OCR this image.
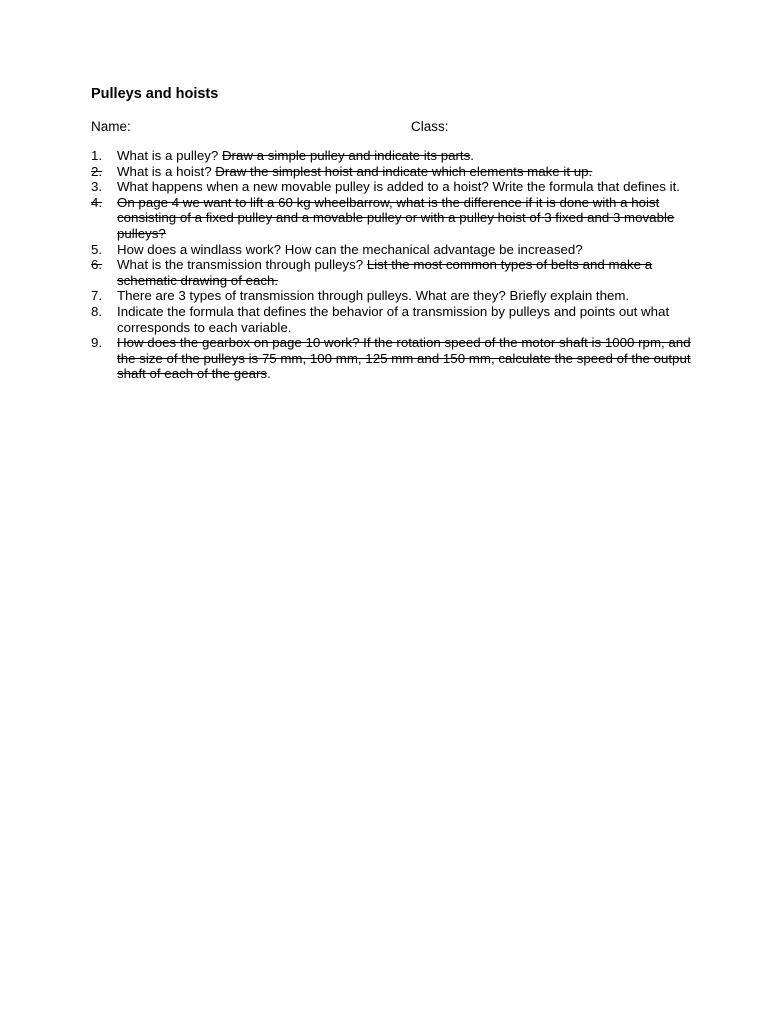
Pulleys and hoists
Name:	Class:
1.	What is a pulley? Draw a simple pulley and indicate its parts.
2.	What is a hoist? Draw the simplest hoist and indicate which elements make it up.
3.	What happens when a new movable pulley is added to a hoist? Write the formula that defines it.
4.	On page 4 we want to lift a 60 kg wheelbarrow, what is the difference if it is done with a hoist consisting of a fixed pulley and a movable pulley or with a pulley hoist of 3 fixed and 3 movable pulleys?
5.	How does a windlass work? How can the mechanical advantage be increased?
6.	What is the transmission through pulleys? List the most common types of belts and make a schematic drawing of each.
7.	There are 3 types of transmission through pulleys. What are they? Briefly explain them.
8.	Indicate the formula that defines the behavior of a transmission by pulleys and points out what corresponds to each variable.
9.	How does the gearbox on page 10 work? If the rotation speed of the motor shaft is 1000 rpm, and the size of the pulleys is 75 mm, 100 mm, 125 mm and 150 mm, calculate the speed of the output shaft of each of the gears.
